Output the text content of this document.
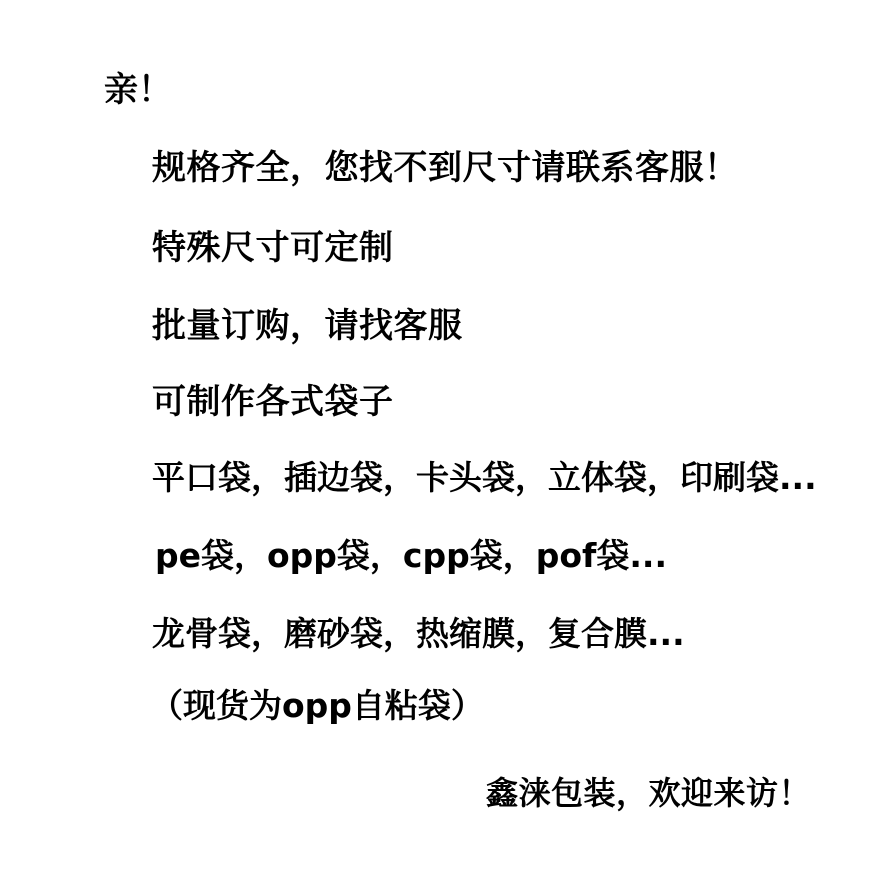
亲！
规格齐全，您找不到尺寸请联系客服！
特殊尺寸可定制
批量订购，请找客服
可制作各式袋子
平口袋，插边袋，卡头袋，立体袋，印刷袋...
pe袋，opp袋，cpp袋，pof袋...
龙骨袋，磨砂袋，热缩膜，复合膜...
（现货为opp自粘袋）
鑫涞包装，欢迎来访！
